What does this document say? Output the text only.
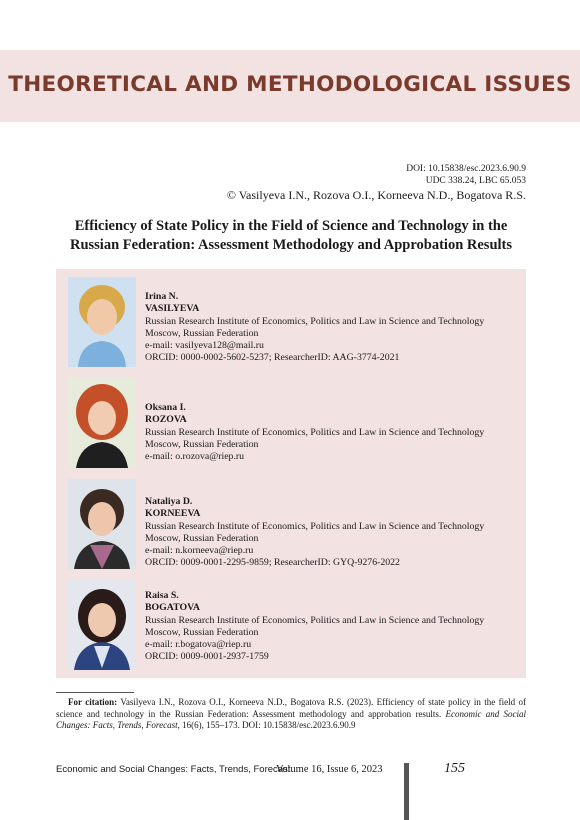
THEORETICAL AND METHODOLOGICAL ISSUES
DOI: 10.15838/esc.2023.6.90.9
UDC 338.24, LBC 65.053
© Vasilyeva I.N., Rozova O.I., Korneeva N.D., Bogatova R.S.
Efficiency of State Policy in the Field of Science and Technology in the Russian Federation: Assessment Methodology and Approbation Results
Irina N.
VASILYEVA
Russian Research Institute of Economics, Politics and Law in Science and Technology
Moscow, Russian Federation
e-mail: vasilyeva128@mail.ru
ORCID: 0000-0002-5602-5237; ResearcherID: AAG-3774-2021
Oksana I.
ROZOVA
Russian Research Institute of Economics, Politics and Law in Science and Technology
Moscow, Russian Federation
e-mail: o.rozova@riep.ru
Nataliya D.
KORNEEVA
Russian Research Institute of Economics, Politics and Law in Science and Technology
Moscow, Russian Federation
e-mail: n.korneeva@riep.ru
ORCID: 0009-0001-2295-9859; ResearcherID: GYQ-9276-2022
Raisa S.
BOGATOVA
Russian Research Institute of Economics, Politics and Law in Science and Technology
Moscow, Russian Federation
e-mail: r.bogatova@riep.ru
ORCID: 0009-0001-2937-1759
For citation: Vasilyeva I.N., Rozova O.I., Korneeva N.D., Bogatova R.S. (2023). Efficiency of state policy in the field of science and technology in the Russian Federation: Assessment methodology and approbation results. Economic and Social Changes: Facts, Trends, Forecast, 16(6), 155–173. DOI: 10.15838/esc.2023.6.90.9
Economic and Social Changes: Facts, Trends, Forecast
Volume 16, Issue 6, 2023	155
